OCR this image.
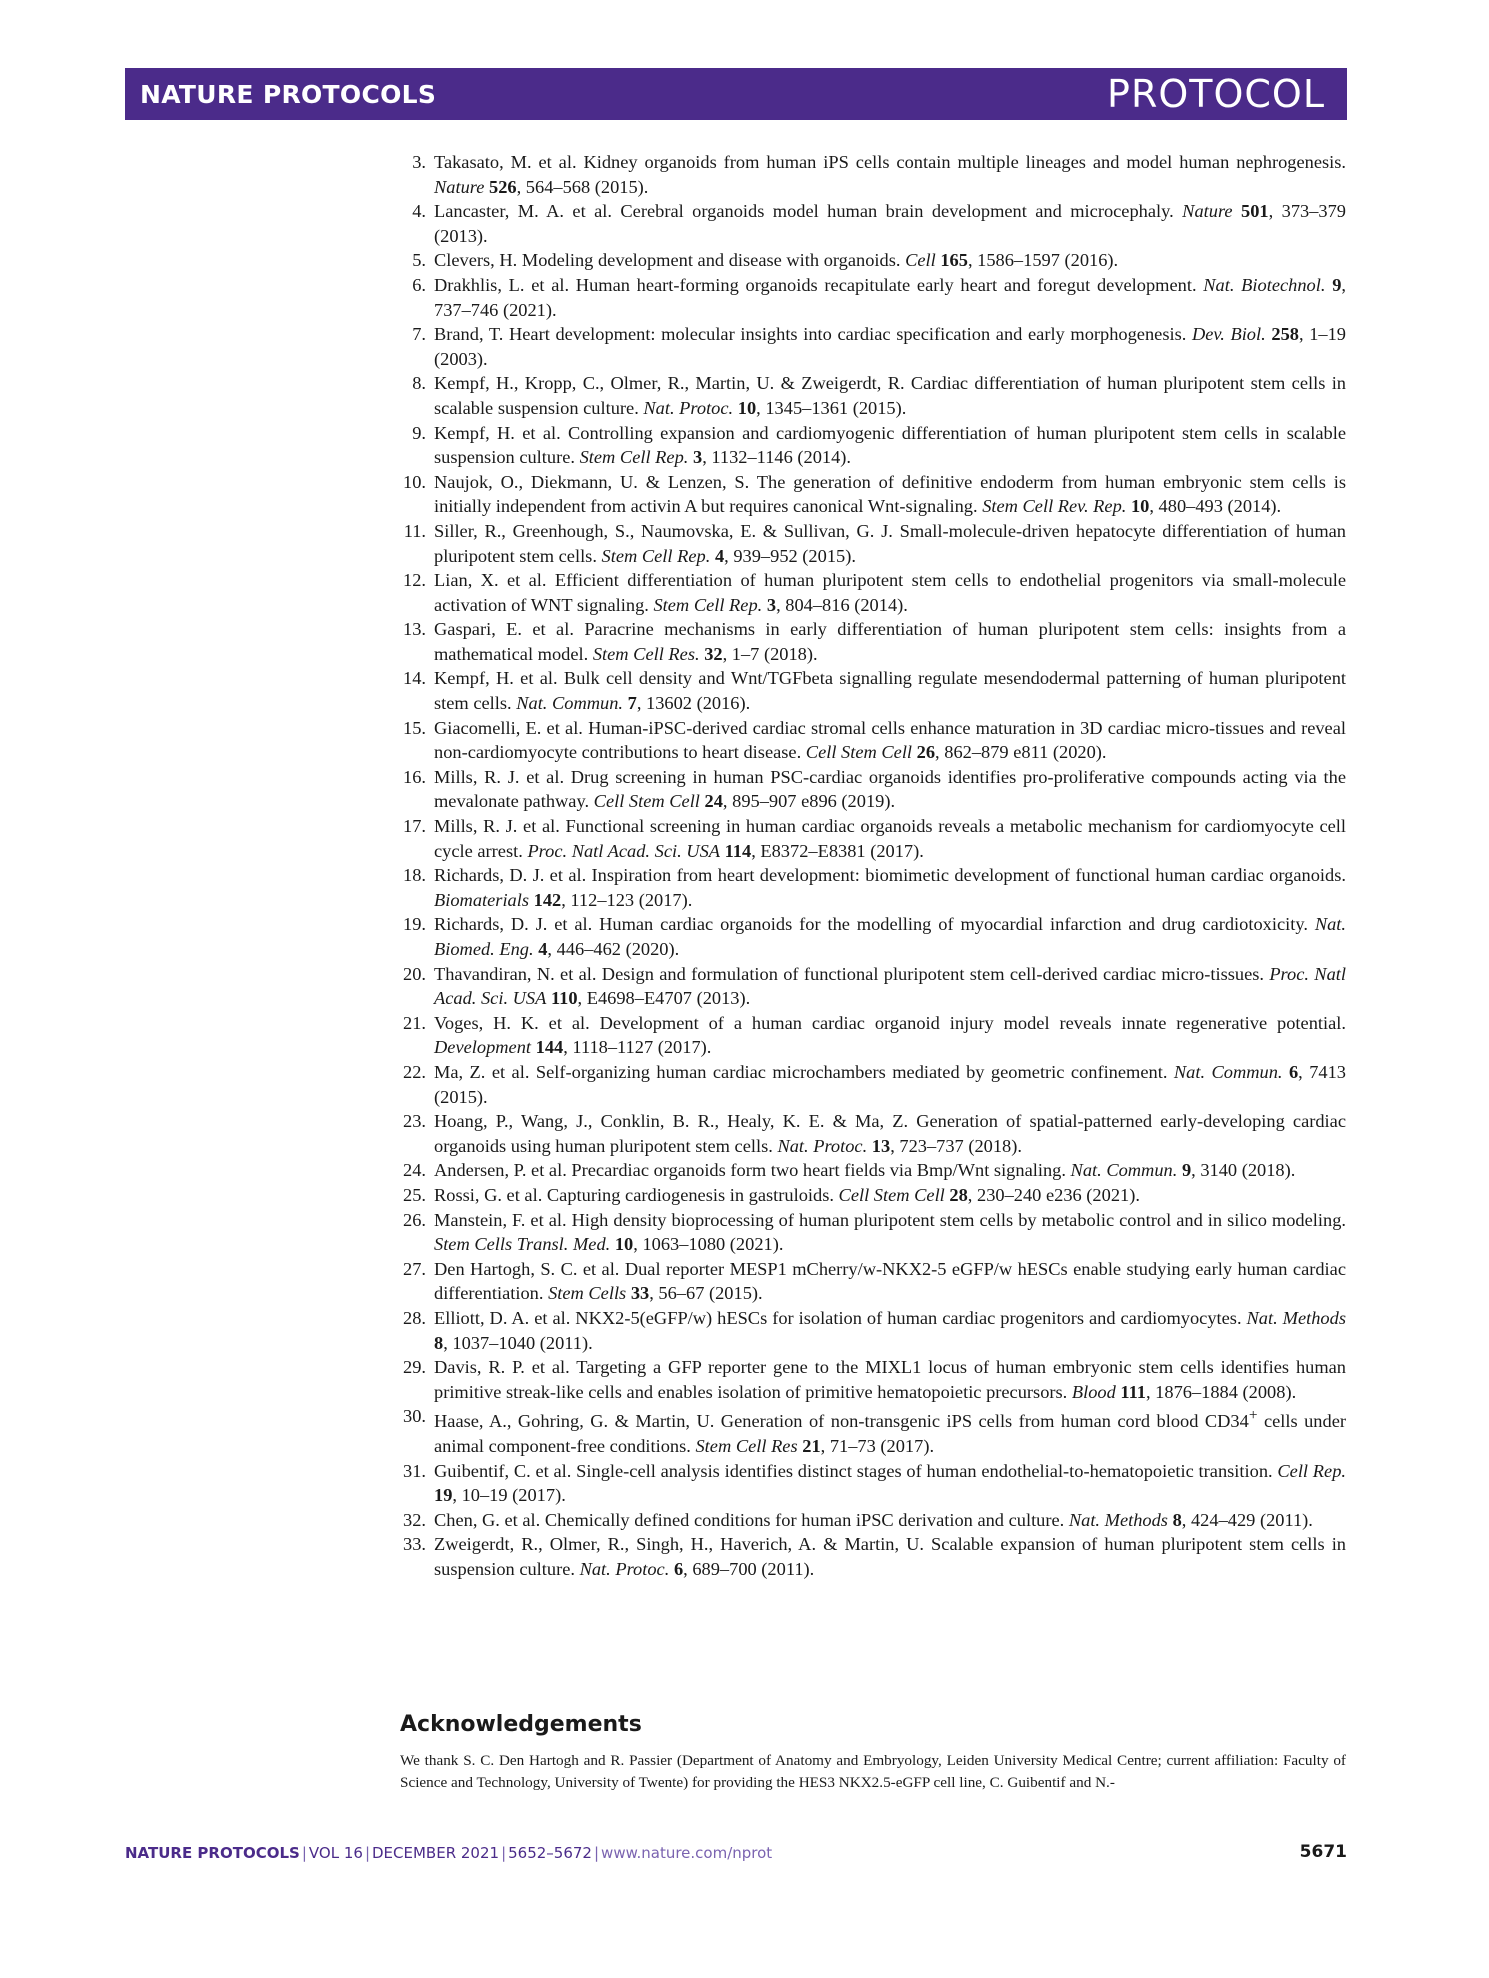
NATURE PROTOCOLS	PROTOCOL
3. Takasato, M. et al. Kidney organoids from human iPS cells contain multiple lineages and model human nephrogenesis. Nature 526, 564–568 (2015).
4. Lancaster, M. A. et al. Cerebral organoids model human brain development and microcephaly. Nature 501, 373–379 (2013).
5. Clevers, H. Modeling development and disease with organoids. Cell 165, 1586–1597 (2016).
6. Drakhlis, L. et al. Human heart-forming organoids recapitulate early heart and foregut development. Nat. Biotechnol. 9, 737–746 (2021).
7. Brand, T. Heart development: molecular insights into cardiac specification and early morphogenesis. Dev. Biol. 258, 1–19 (2003).
8. Kempf, H., Kropp, C., Olmer, R., Martin, U. & Zweigerdt, R. Cardiac differentiation of human pluripotent stem cells in scalable suspension culture. Nat. Protoc. 10, 1345–1361 (2015).
9. Kempf, H. et al. Controlling expansion and cardiomyogenic differentiation of human pluripotent stem cells in scalable suspension culture. Stem Cell Rep. 3, 1132–1146 (2014).
10. Naujok, O., Diekmann, U. & Lenzen, S. The generation of definitive endoderm from human embryonic stem cells is initially independent from activin A but requires canonical Wnt-signaling. Stem Cell Rev. Rep. 10, 480–493 (2014).
11. Siller, R., Greenhough, S., Naumovska, E. & Sullivan, G. J. Small-molecule-driven hepatocyte differentiation of human pluripotent stem cells. Stem Cell Rep. 4, 939–952 (2015).
12. Lian, X. et al. Efficient differentiation of human pluripotent stem cells to endothelial progenitors via small-molecule activation of WNT signaling. Stem Cell Rep. 3, 804–816 (2014).
13. Gaspari, E. et al. Paracrine mechanisms in early differentiation of human pluripotent stem cells: insights from a mathematical model. Stem Cell Res. 32, 1–7 (2018).
14. Kempf, H. et al. Bulk cell density and Wnt/TGFbeta signalling regulate mesendodermal patterning of human pluripotent stem cells. Nat. Commun. 7, 13602 (2016).
15. Giacomelli, E. et al. Human-iPSC-derived cardiac stromal cells enhance maturation in 3D cardiac micro-tissues and reveal non-cardiomyocyte contributions to heart disease. Cell Stem Cell 26, 862–879 e811 (2020).
16. Mills, R. J. et al. Drug screening in human PSC-cardiac organoids identifies pro-proliferative compounds acting via the mevalonate pathway. Cell Stem Cell 24, 895–907 e896 (2019).
17. Mills, R. J. et al. Functional screening in human cardiac organoids reveals a metabolic mechanism for cardiomyocyte cell cycle arrest. Proc. Natl Acad. Sci. USA 114, E8372–E8381 (2017).
18. Richards, D. J. et al. Inspiration from heart development: biomimetic development of functional human cardiac organoids. Biomaterials 142, 112–123 (2017).
19. Richards, D. J. et al. Human cardiac organoids for the modelling of myocardial infarction and drug cardiotoxicity. Nat. Biomed. Eng. 4, 446–462 (2020).
20. Thavandiran, N. et al. Design and formulation of functional pluripotent stem cell-derived cardiac micro-tissues. Proc. Natl Acad. Sci. USA 110, E4698–E4707 (2013).
21. Voges, H. K. et al. Development of a human cardiac organoid injury model reveals innate regenerative potential. Development 144, 1118–1127 (2017).
22. Ma, Z. et al. Self-organizing human cardiac microchambers mediated by geometric confinement. Nat. Commun. 6, 7413 (2015).
23. Hoang, P., Wang, J., Conklin, B. R., Healy, K. E. & Ma, Z. Generation of spatial-patterned early-developing cardiac organoids using human pluripotent stem cells. Nat. Protoc. 13, 723–737 (2018).
24. Andersen, P. et al. Precardiac organoids form two heart fields via Bmp/Wnt signaling. Nat. Commun. 9, 3140 (2018).
25. Rossi, G. et al. Capturing cardiogenesis in gastruloids. Cell Stem Cell 28, 230–240 e236 (2021).
26. Manstein, F. et al. High density bioprocessing of human pluripotent stem cells by metabolic control and in silico modeling. Stem Cells Transl. Med. 10, 1063–1080 (2021).
27. Den Hartogh, S. C. et al. Dual reporter MESP1 mCherry/w-NKX2-5 eGFP/w hESCs enable studying early human cardiac differentiation. Stem Cells 33, 56–67 (2015).
28. Elliott, D. A. et al. NKX2-5(eGFP/w) hESCs for isolation of human cardiac progenitors and cardiomyocytes. Nat. Methods 8, 1037–1040 (2011).
29. Davis, R. P. et al. Targeting a GFP reporter gene to the MIXL1 locus of human embryonic stem cells identifies human primitive streak-like cells and enables isolation of primitive hematopoietic precursors. Blood 111, 1876–1884 (2008).
30. Haase, A., Gohring, G. & Martin, U. Generation of non-transgenic iPS cells from human cord blood CD34+ cells under animal component-free conditions. Stem Cell Res 21, 71–73 (2017).
31. Guibentif, C. et al. Single-cell analysis identifies distinct stages of human endothelial-to-hematopoietic transition. Cell Rep. 19, 10–19 (2017).
32. Chen, G. et al. Chemically defined conditions for human iPSC derivation and culture. Nat. Methods 8, 424–429 (2011).
33. Zweigerdt, R., Olmer, R., Singh, H., Haverich, A. & Martin, U. Scalable expansion of human pluripotent stem cells in suspension culture. Nat. Protoc. 6, 689–700 (2011).
Acknowledgements
We thank S. C. Den Hartogh and R. Passier (Department of Anatomy and Embryology, Leiden University Medical Centre; current affiliation: Faculty of Science and Technology, University of Twente) for providing the HES3 NKX2.5-eGFP cell line, C. Guibentif and N.-
NATURE PROTOCOLS | VOL 16 | DECEMBER 2021 | 5652–5672 | www.nature.com/nprot	5671
